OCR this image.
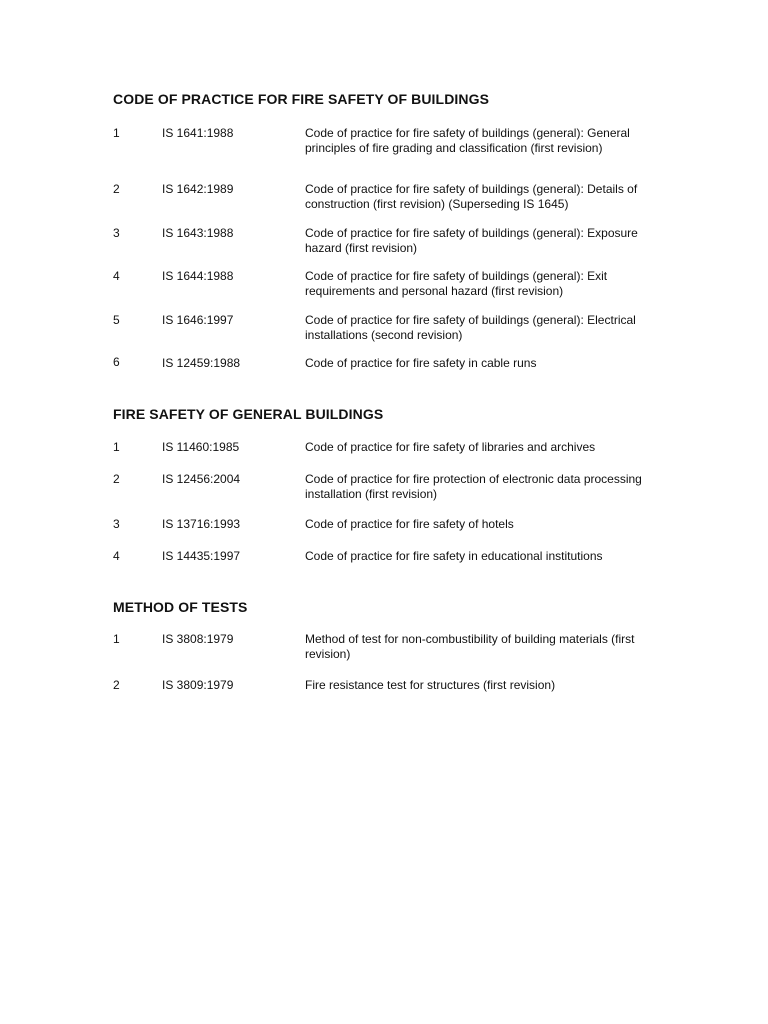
CODE OF PRACTICE FOR FIRE SAFETY OF BUILDINGS
1	IS 1641:1988	Code of practice for fire safety of buildings (general): General principles of fire grading and classification (first revision)
2	IS 1642:1989	Code of practice for fire safety of buildings (general): Details of construction (first revision) (Superseding IS 1645)
3	IS 1643:1988	Code of practice for fire safety of buildings (general): Exposure hazard (first revision)
4	IS 1644:1988	Code of practice for fire safety of buildings (general): Exit requirements and personal hazard (first revision)
5	IS 1646:1997	Code of practice for fire safety of buildings (general): Electrical installations (second revision)
6	IS 12459:1988	Code of practice for fire safety in cable runs
FIRE SAFETY OF GENERAL BUILDINGS
1	IS 11460:1985	Code of practice for fire safety of libraries and archives
2	IS 12456:2004	Code of practice for fire protection of electronic data processing installation (first revision)
3	IS 13716:1993	Code of practice for fire safety of hotels
4	IS 14435:1997	Code of practice for fire safety in educational institutions
METHOD OF TESTS
1	IS 3808:1979	Method of test for non-combustibility of building materials (first revision)
2	IS 3809:1979	Fire resistance test for structures (first revision)
